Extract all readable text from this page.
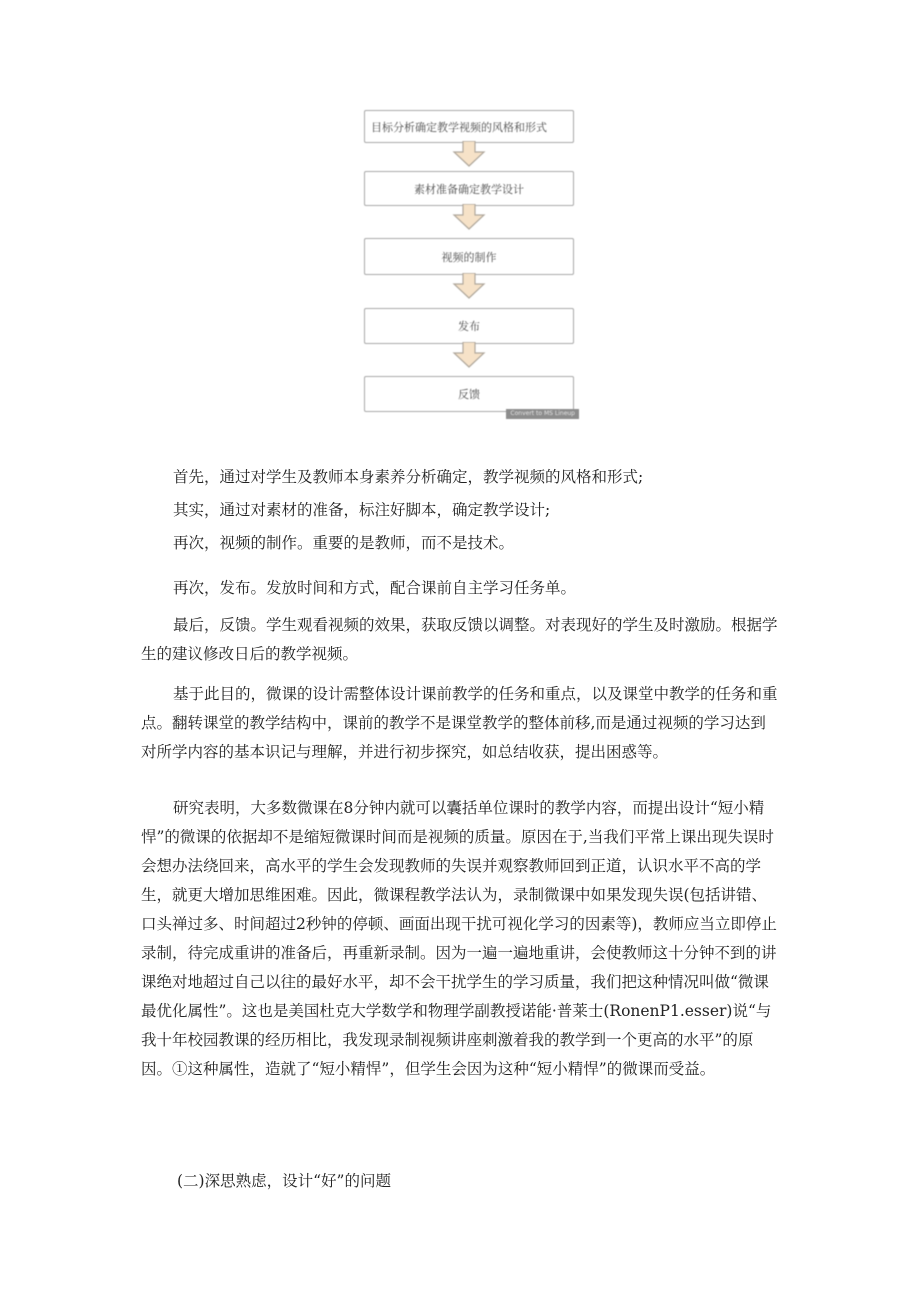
目标分析确定教学视频的风格和形式
素材准备确定教学设计
视频的制作
发布
反馈
Convert to MS Lineup

首先，通过对学生及教师本身素养分析确定，教学视频的风格和形式;

其实，通过对素材的准备，标注好脚本，确定教学设计;

再次，视频的制作。重要的是教师，而不是技术。

再次，发布。发放时间和方式，配合课前自主学习任务单。

最后，反馈。学生观看视频的效果，获取反馈以调整。对表现好的学生及时激励。根据学生的建议修改日后的教学视频。

基于此目的，微课的设计需整体设计课前教学的任务和重点，以及课堂中教学的任务和重点。翻转课堂的教学结构中，课前的教学不是课堂教学的整体前移,而是通过视频的学习达到对所学内容的基本识记与理解，并进行初步探究，如总结收获，提出困惑等。

研究表明，大多数微课在8分钟内就可以囊括单位课时的教学内容，而提出设计“短小精悍”的微课的依据却不是缩短微课时间而是视频的质量。原因在于,当我们平常上课出现失误时会想办法绕回来，高水平的学生会发现教师的失误并观察教师回到正道，认识水平不高的学生，就更大增加思维困难。因此，微课程教学法认为，录制微课中如果发现失误(包括讲错、口头禅过多、时间超过2秒钟的停顿、画面出现干扰可视化学习的因素等)，教师应当立即停止录制，待完成重讲的准备后，再重新录制。因为一遍一遍地重讲，会使教师这十分钟不到的讲课绝对地超过自己以往的最好水平，却不会干扰学生的学习质量，我们把这种情况叫做“微课最优化属性”。这也是美国杜克大学数学和物理学副教授诺能·普莱士(RonenP1.esser)说“与我十年校园教课的经历相比，我发现录制视频讲座刺激着我的教学到一个更高的水平”的原因。①这种属性，造就了“短小精悍”，但学生会因为这种“短小精悍”的微课而受益。

(二)深思熟虑，设计“好”的问题
